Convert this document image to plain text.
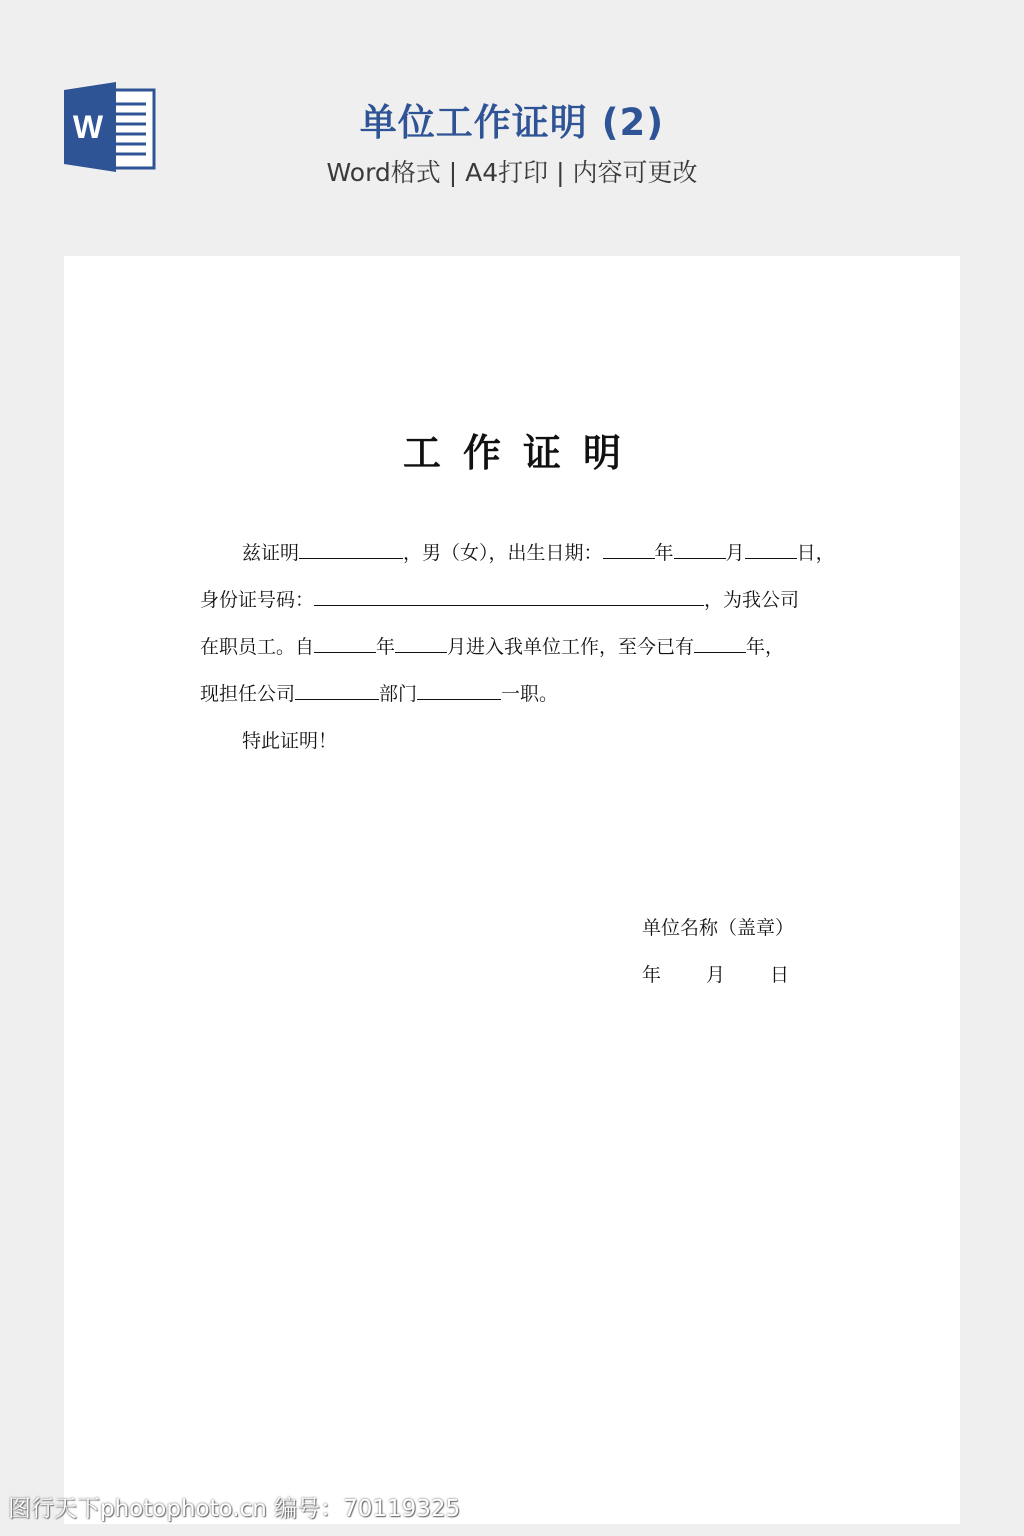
W	单位工作证明 (2)
Word格式 | A4打印 | 内容可更改
工作证明
兹证明	，男（女），出生日期：	年	月	日，
身份证号码：	，为我公司
在职员工。自	年	月进入我单位工作，至今已有	年，
现担任公司	部门	一职。
特此证明！
单位名称（盖章）
年 月 日
图行天下photophoto.cn 编号：70119325
